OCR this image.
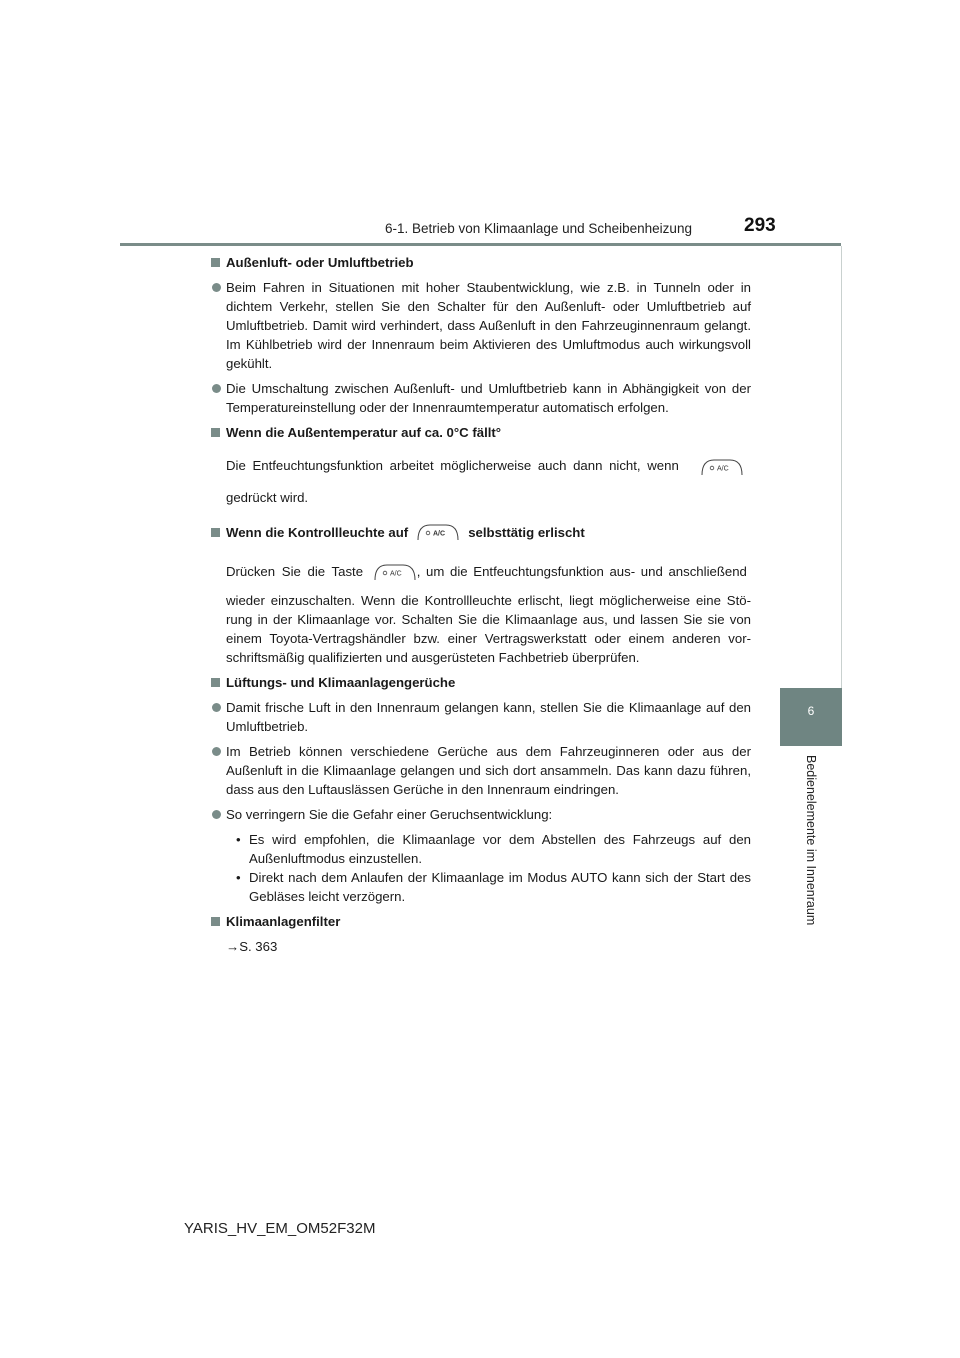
6-1. Betrieb von Klimaanlage und Scheibenheizung	293
6
Bedienelemente im Innenraum
Außenluft- oder Umluftbetrieb
Beim Fahren in Situationen mit hoher Staubentwicklung, wie z.B. in Tunneln oder in dichtem Verkehr, stellen Sie den Schalter für den Außenluft- oder Umluftbetrieb auf Umluftbetrieb. Damit wird verhindert, dass Außenluft in den Fahrzeuginnenraum gelangt. Im Kühlbetrieb wird der Innenraum beim Aktivieren des Umluftmodus auch wirkungsvoll gekühlt.
Die Umschaltung zwischen Außenluft- und Umluftbetrieb kann in Abhängigkeit von der Temperatureinstellung oder der Innenraumtemperatur automatisch erfolgen.
Wenn die Außentemperatur auf ca. 0°C fällt°
Die Entfeuchtungsfunktion arbeitet möglicherweise auch dann nicht, wenn	A/C
gedrückt wird.
Wenn die Kontrollleuchte auf	A/C selbsttätig erlischt
Drücken Sie die Taste	A/C , um die Entfeuchtungsfunktion aus- und anschließend
wieder einzuschalten. Wenn die Kontrollleuchte erlischt, liegt möglicherweise eine Stö-rung in der Klimaanlage vor. Schalten Sie die Klimaanlage aus, und lassen Sie sie von einem Toyota-Vertragshändler bzw. einer Vertragswerkstatt oder einem anderen vor-schriftsmäßig qualifizierten und ausgerüsteten Fachbetrieb überprüfen.
Lüftungs- und Klimaanlagengerüche
Damit frische Luft in den Innenraum gelangen kann, stellen Sie die Klimaanlage auf den Umluftbetrieb.
Im Betrieb können verschiedene Gerüche aus dem Fahrzeuginneren oder aus der Außenluft in die Klimaanlage gelangen und sich dort ansammeln. Das kann dazu führen, dass aus den Luftauslässen Gerüche in den Innenraum eindringen.
So verringern Sie die Gefahr einer Geruchsentwicklung:
• Es wird empfohlen, die Klimaanlage vor dem Abstellen des Fahrzeugs auf den Außenluftmodus einzustellen.
• Direkt nach dem Anlaufen der Klimaanlage im Modus AUTO kann sich der Start des Gebläses leicht verzögern.
Klimaanlagenfilter
→S. 363
YARIS_HV_EM_OM52F32M
